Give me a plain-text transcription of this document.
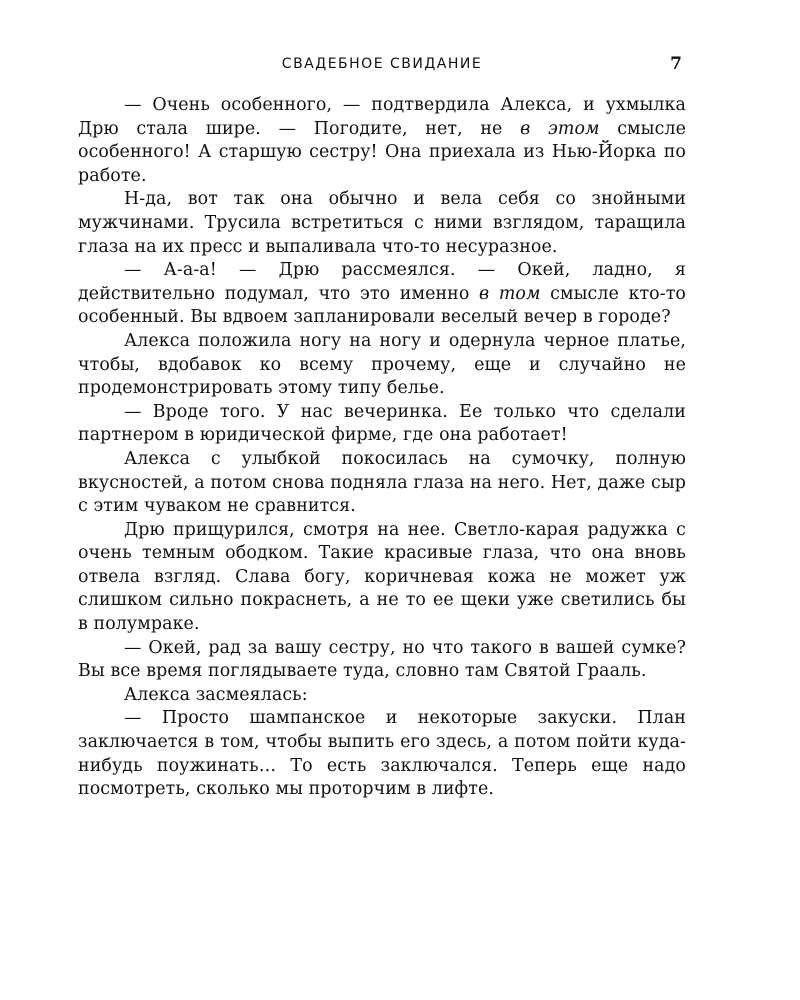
СВАДЕБНОЕ СВИДАНИЕ	7

— Очень особенного, — подтвердила Алекса, и ухмылка Дрю стала шире. — Погодите, нет, не в этом смысле особенного! А старшую сестру! Она приехала из Нью-Йорка по работе.

Н-да, вот так она обычно и вела себя со знойными мужчинами. Трусила встретиться с ними взглядом, таращила глаза на их пресс и выпаливала что-то несуразное.

— А-а-а! — Дрю рассмеялся. — Окей, ладно, я действительно подумал, что это именно в том смысле кто-то особенный. Вы вдвоем запланировали веселый вечер в городе?

Алекса положила ногу на ногу и одернула черное платье, чтобы, вдобавок ко всему прочему, еще и случайно не продемонстрировать этому типу белье.

— Вроде того. У нас вечеринка. Ее только что сделали партнером в юридической фирме, где она работает!

Алекса с улыбкой покосилась на сумочку, полную вкусностей, а потом снова подняла глаза на него. Нет, даже сыр с этим чуваком не сравнится.

Дрю прищурился, смотря на нее. Светло-карая радужка с очень темным ободком. Такие красивые глаза, что она вновь отвела взгляд. Слава богу, коричневая кожа не может уж слишком сильно покраснеть, а не то ее щеки уже светились бы в полумраке.

— Окей, рад за вашу сестру, но что такого в вашей сумке? Вы все время поглядываете туда, словно там Святой Грааль.

Алекса засмеялась:

— Просто шампанское и некоторые закуски. План заключается в том, чтобы выпить его здесь, а потом пойти куда-нибудь поужинать… То есть заключался. Теперь еще надо посмотреть, сколько мы проторчим в лифте.
